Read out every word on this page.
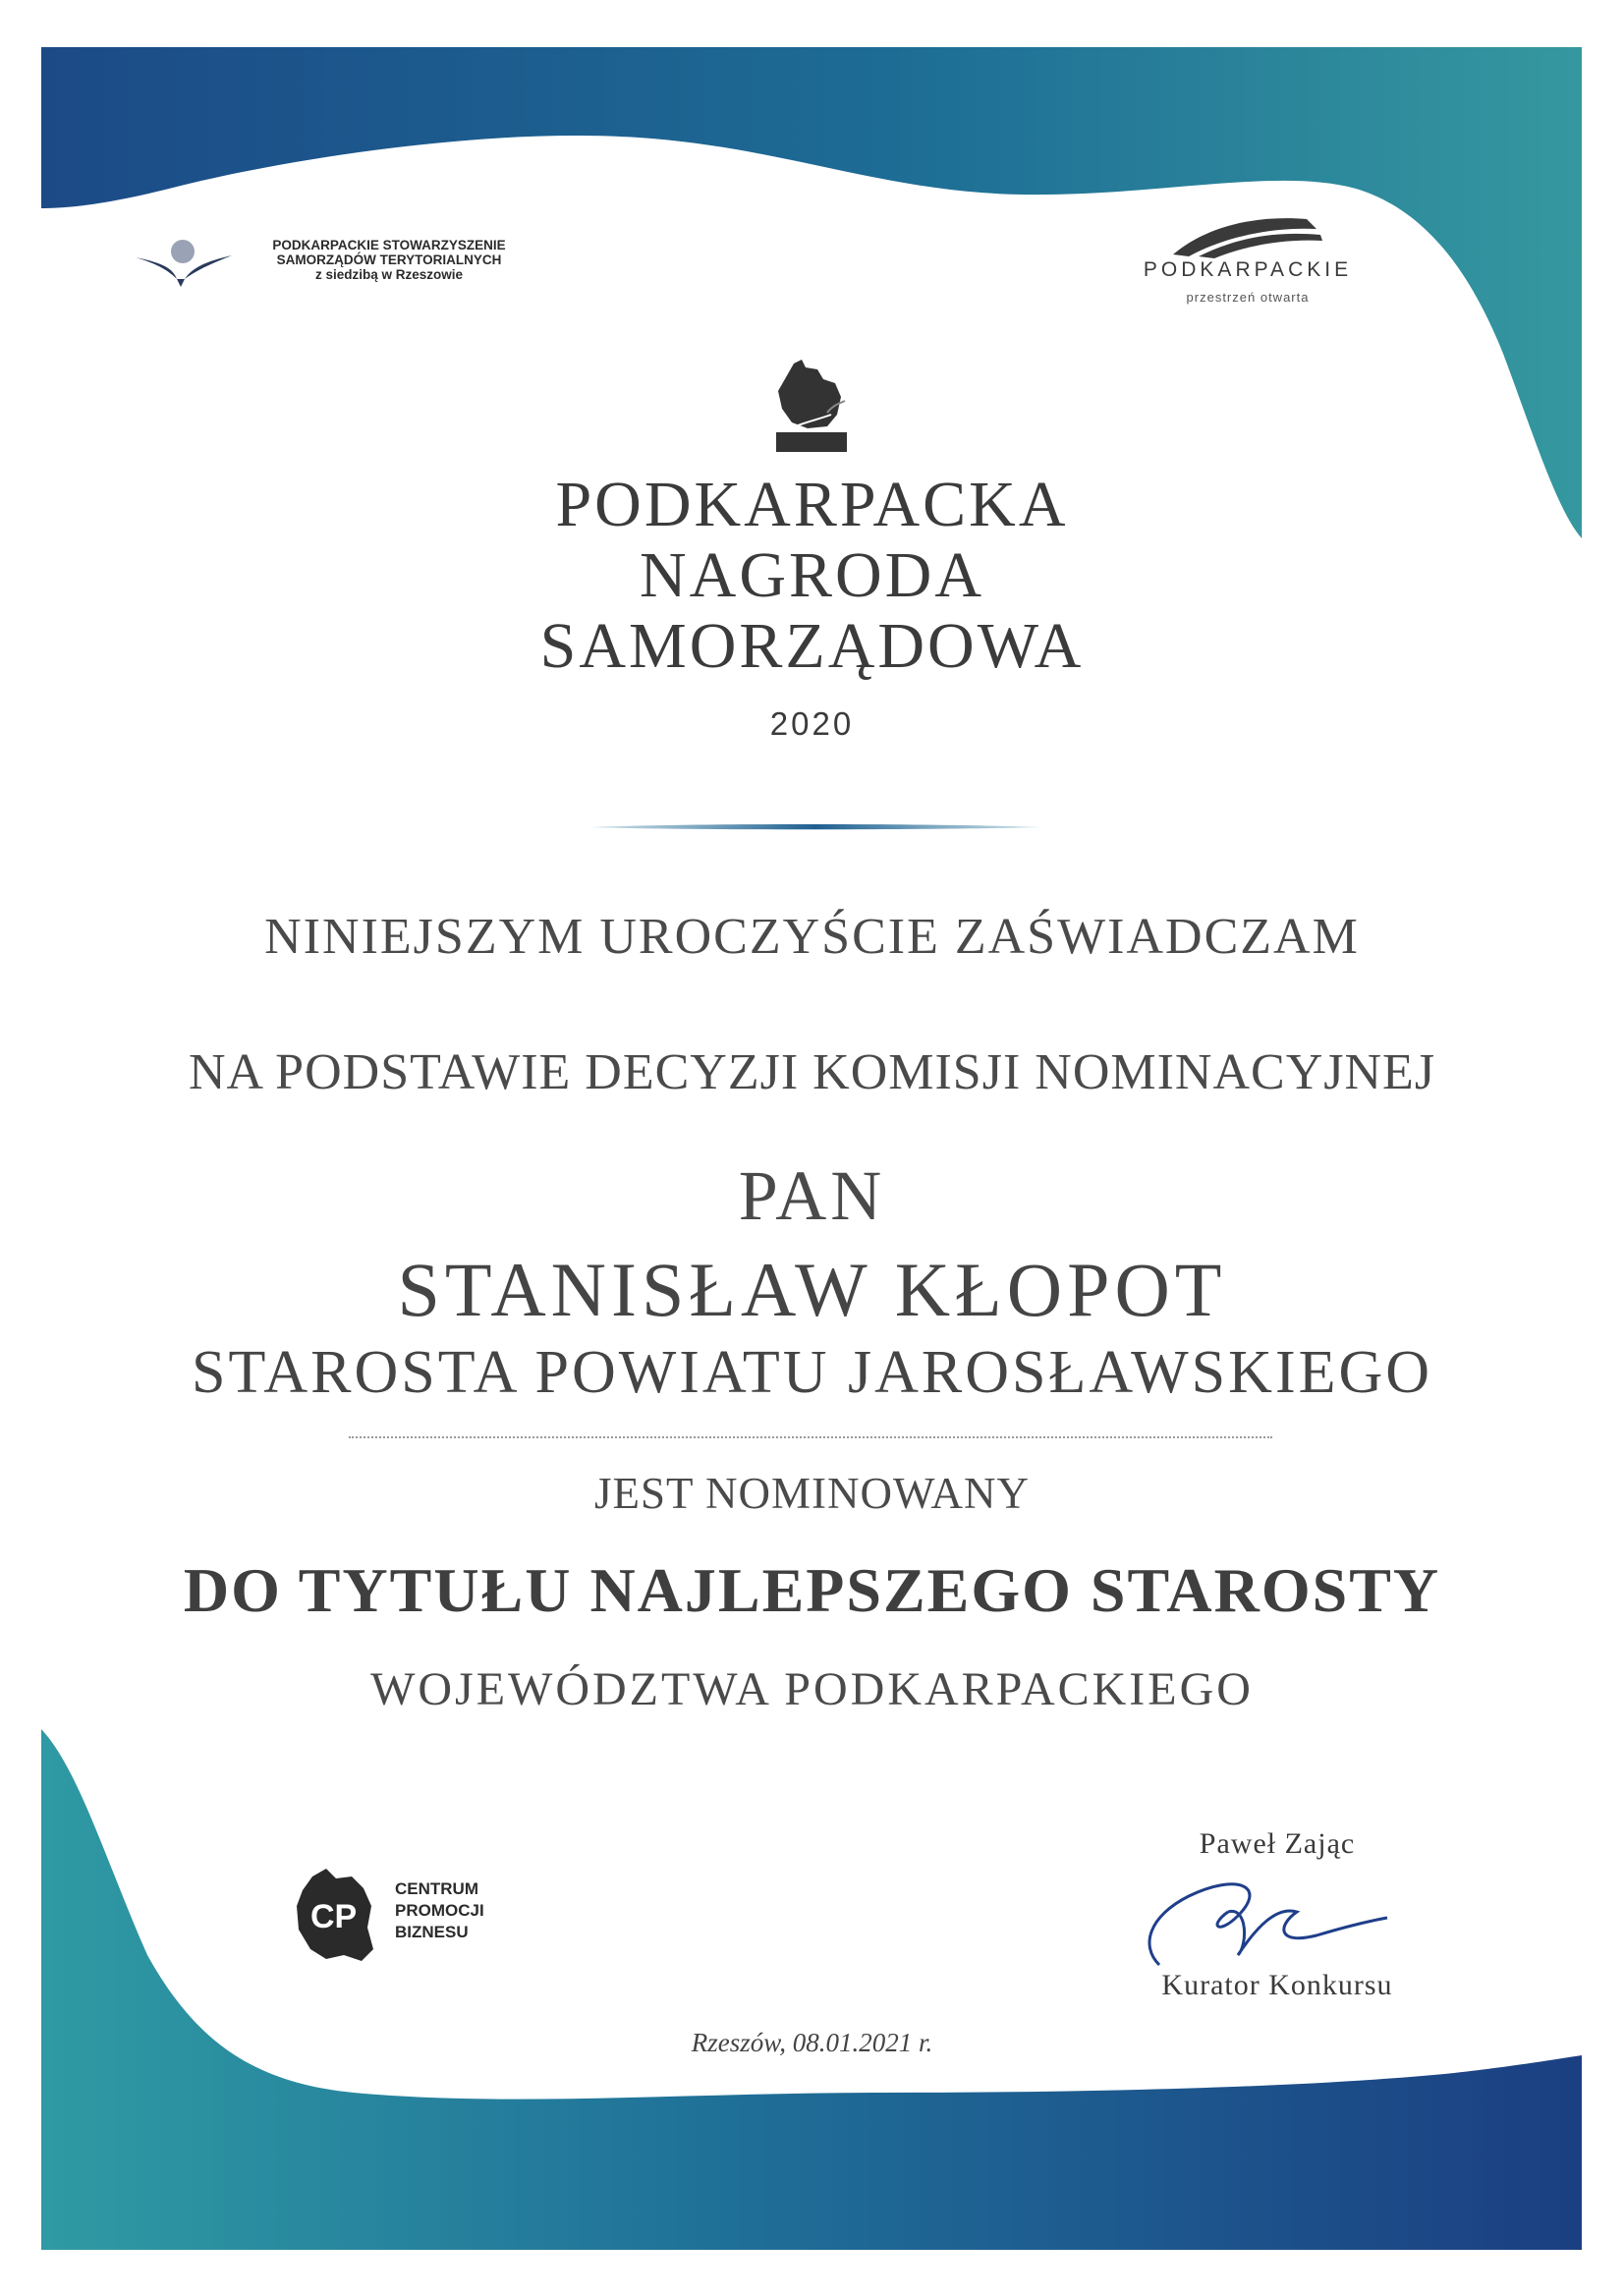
PODKARPACKIE STOWARZYSZENIE
SAMORZĄDÓW TERYTORIALNYCH
z siedzibą w Rzeszowie	PODKARPACKIE
przestrzeń otwarta
PODKARPACKA
NAGRODA
SAMORZĄDOWA
2020
NINIEJSZYM UROCZYŚCIE ZAŚWIADCZAM
NA PODSTAWIE DECYZJI KOMISJI NOMINACYJNEJ
PAN
STANISŁAW KŁOPOT
STAROSTA POWIATU JAROSŁAWSKIEGO
JEST NOMINOWANY
DO TYTUŁU NAJLEPSZEGO STAROSTY
WOJEWÓDZTWA PODKARPACKIEGO
CP
CENTRUM
PROMOCJI
BIZNESU
Paweł Zając
Kurator Konkursu
Rzeszów, 08.01.2021 r.
